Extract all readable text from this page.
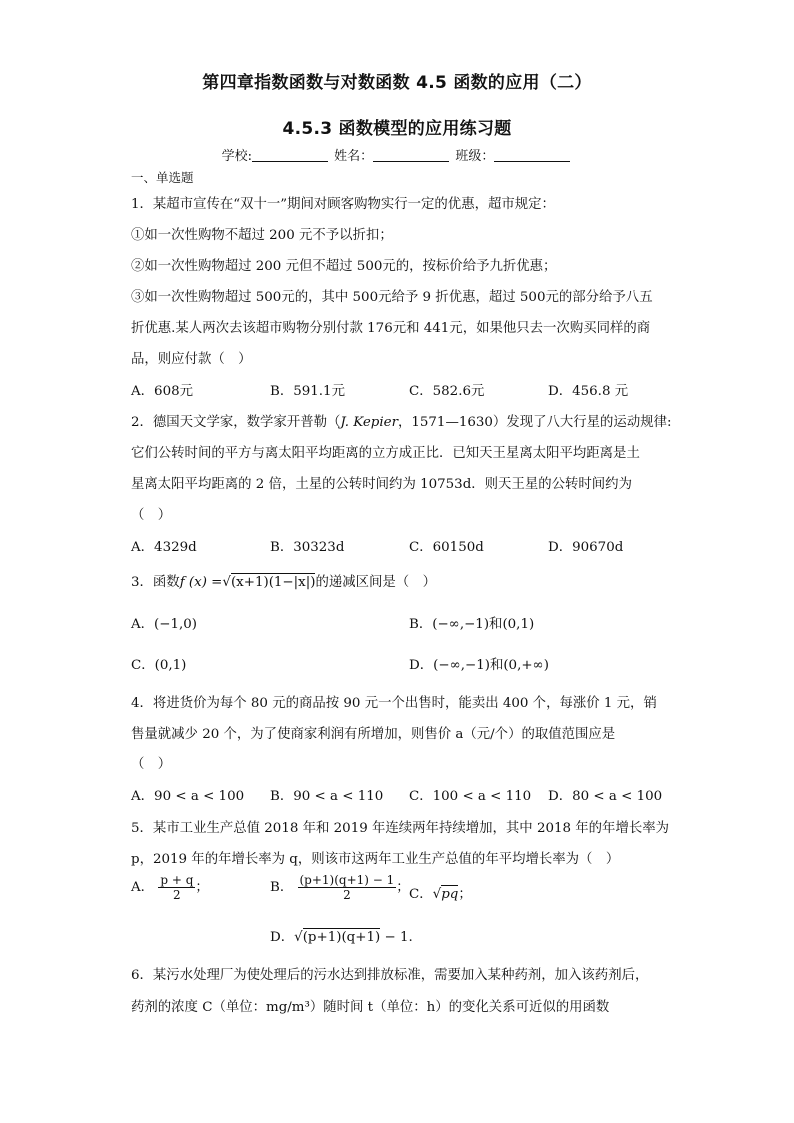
第四章指数函数与对数函数 4.5 函数的应用（二）
4.5.3 函数模型的应用练习题
学校:	姓名：	班级：
一、单选题
1．某超市宣传在“双十一”期间对顾客购物实行一定的优惠，超市规定：
①如一次性购物不超过 200 元不予以折扣；
②如一次性购物超过 200 元但不超过 500元的，按标价给予九折优惠；
③如一次性购物超过 500元的，其中 500元给予 9 折优惠，超过 500元的部分给予八五
折优惠.某人两次去该超市购物分别付款 176元和 441元，如果他只去一次购买同样的商
品，则应付款（　）
A．608元	B．591.1元	C．582.6元	D．456.8 元
2．德国天文学家，数学家开普勒（J. Kepier，1571—1630）发现了八大行星的运动规律:
它们公转时间的平方与离太阳平均距离的立方成正比．已知天王星离太阳平均距离是土
星离太阳平均距离的 2 倍，土星的公转时间约为 10753d．则天王星的公转时间约为
（　）
A．4329d	B．30323d	C．60150d	D．90670d
3．函数f (x) =√(x+1)(1−|x|)的递减区间是（　）
A．(−1,0)	B．(−∞,−1)和(0,1)
C．(0,1)	D．(−∞,−1)和(0,+∞)
4．将进货价为每个 80 元的商品按 90 元一个出售时，能卖出 400 个，每涨价 1 元，销
售量就减少 20 个，为了使商家利润有所增加，则售价 a（元/个）的取值范围应是
（　）
A．90 < a < 100 B．90 < a < 110 C．100 < a < 110 D．80 < a < 100
5．某市工业生产总值 2018 年和 2019 年连续两年持续增加，其中 2018 年的年增长率为
p，2019 年的年增长率为 q，则该市这两年工业生产总值的年平均增长率为（　）
A． $\frac{p + q}{2}$ ；	B． $\frac{(p+1)(q+1) - 1}{2}$ ； C．√pq；
D．√(p+1)(q+1) − 1.
6．某污水处理厂为使处理后的污水达到排放标准，需要加入某种药剂，加入该药剂后，
药剂的浓度 C（单位：mg/m³）随时间 t（单位：h）的变化关系可近似的用函数
